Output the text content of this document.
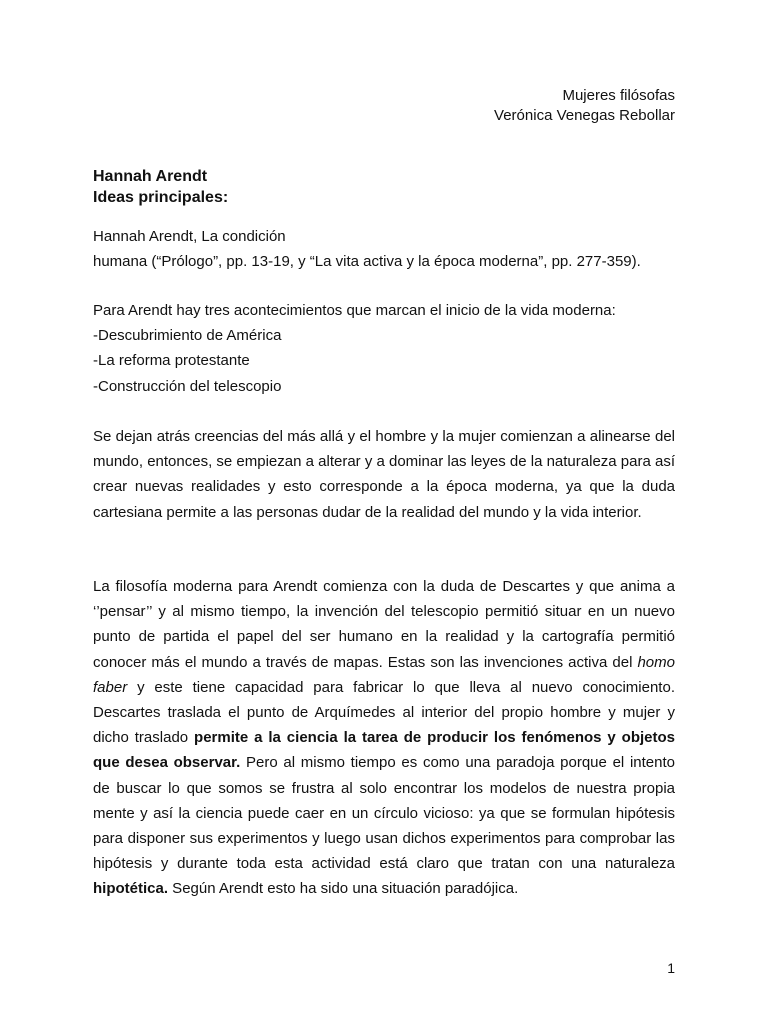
Mujeres filósofas
Verónica Venegas Rebollar
Hannah Arendt
Ideas principales:
Hannah Arendt, La condición
humana (“Prólogo”, pp. 13-19, y “La vita activa y la época moderna”, pp. 277-359).
Para Arendt hay tres acontecimientos que marcan el inicio de la vida moderna:
-Descubrimiento de América
-La reforma protestante
-Construcción del telescopio

Se dejan atrás creencias del más allá y el hombre y la mujer comienzan a alinearse del mundo, entonces, se empiezan a alterar y a dominar las leyes de la naturaleza para así crear nuevas realidades y esto corresponde a la época moderna, ya que la duda cartesiana permite a las personas dudar de la realidad del mundo y la vida interior.

La filosofía moderna para Arendt comienza con la duda de Descartes y que anima a ‘’pensar’’ y al mismo tiempo, la invención del telescopio permitió situar en un nuevo punto de partida el papel del ser humano en la realidad y la cartografía permitió conocer más el mundo a través de mapas. Estas son las invenciones activa del homo faber y este tiene capacidad para fabricar lo que lleva al nuevo conocimiento. Descartes traslada el punto de Arquímedes al interior del propio hombre y mujer y dicho traslado permite a la ciencia la tarea de producir los fenómenos y objetos que desea observar. Pero al mismo tiempo es como una paradoja porque el intento de buscar lo que somos se frustra al solo encontrar los modelos de nuestra propia mente y así la ciencia puede caer en un círculo vicioso: ya que se formulan hipótesis para disponer sus experimentos y luego usan dichos experimentos para comprobar las hipótesis y durante toda esta actividad está claro que tratan con una naturaleza hipotética. Según Arendt esto ha sido una situación paradójica.

1
